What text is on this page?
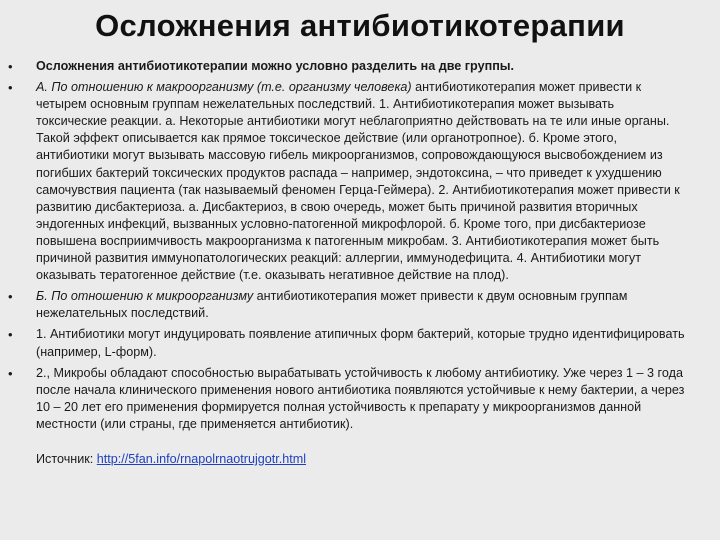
Осложнения антибиотикотерапии
•	Осложнения антибиотикотерапии можно условно разделить на две группы.
•	А. По отношению к макроорганизму (т.е. организму человека) антибиотикотерапия может привести к четырем основным группам нежелательных последствий. 1. Антибиотикотерапия может вызывать токсические реакции. а. Некоторые антибиотики могут неблагоприятно действовать на те или иные органы. Такой эффект описывается как прямое токсическое действие (или органотропное). б. Кроме этого, антибиотики могут вызывать массовую гибель микроорганизмов, сопровождающуюся высвобождением из погибших бактерий токсических продуктов распада – например, эндотоксина, – что приведет к ухудшению самочувствия пациента (так называемый феномен Герца-Геймера). 2. Антибиотикотерапия может привести к развитию дисбактериоза. а. Дисбактериоз, в свою очередь, может быть причиной развития вторичных эндогенных инфекций, вызванных условно-патогенной микрофлорой. б. Кроме того, при дисбактериозе повышена восприимчивость макроорганизма к патогенным микробам. 3. Антибиотикотерапия может быть причиной развития иммунопатологических реакций: аллергии, иммунодефицита. 4. Антибиотики могут оказывать тератогенное действие (т.е. оказывать негативное действие на плод).
•	Б. По отношению к микроорганизму антибиотикотерапия может привести к двум основным группам нежелательных последствий.
•	1. Антибиотики могут индуцировать появление атипичных форм бактерий, которые трудно идентифицировать (например, L-форм).
•	2., Микробы обладают способностью вырабатывать устойчивость к любому антибиотику. Уже через 1 – 3 года после начала клинического применения нового антибиотика появляются устойчивые к нему бактерии, а через 10 – 20 лет его применения формируется полная устойчивость к препарату у микроорганизмов данной местности (или страны, где применяется антибиотик).
Источник: http://5fan.info/rnapolrnaotrujgotr.html
